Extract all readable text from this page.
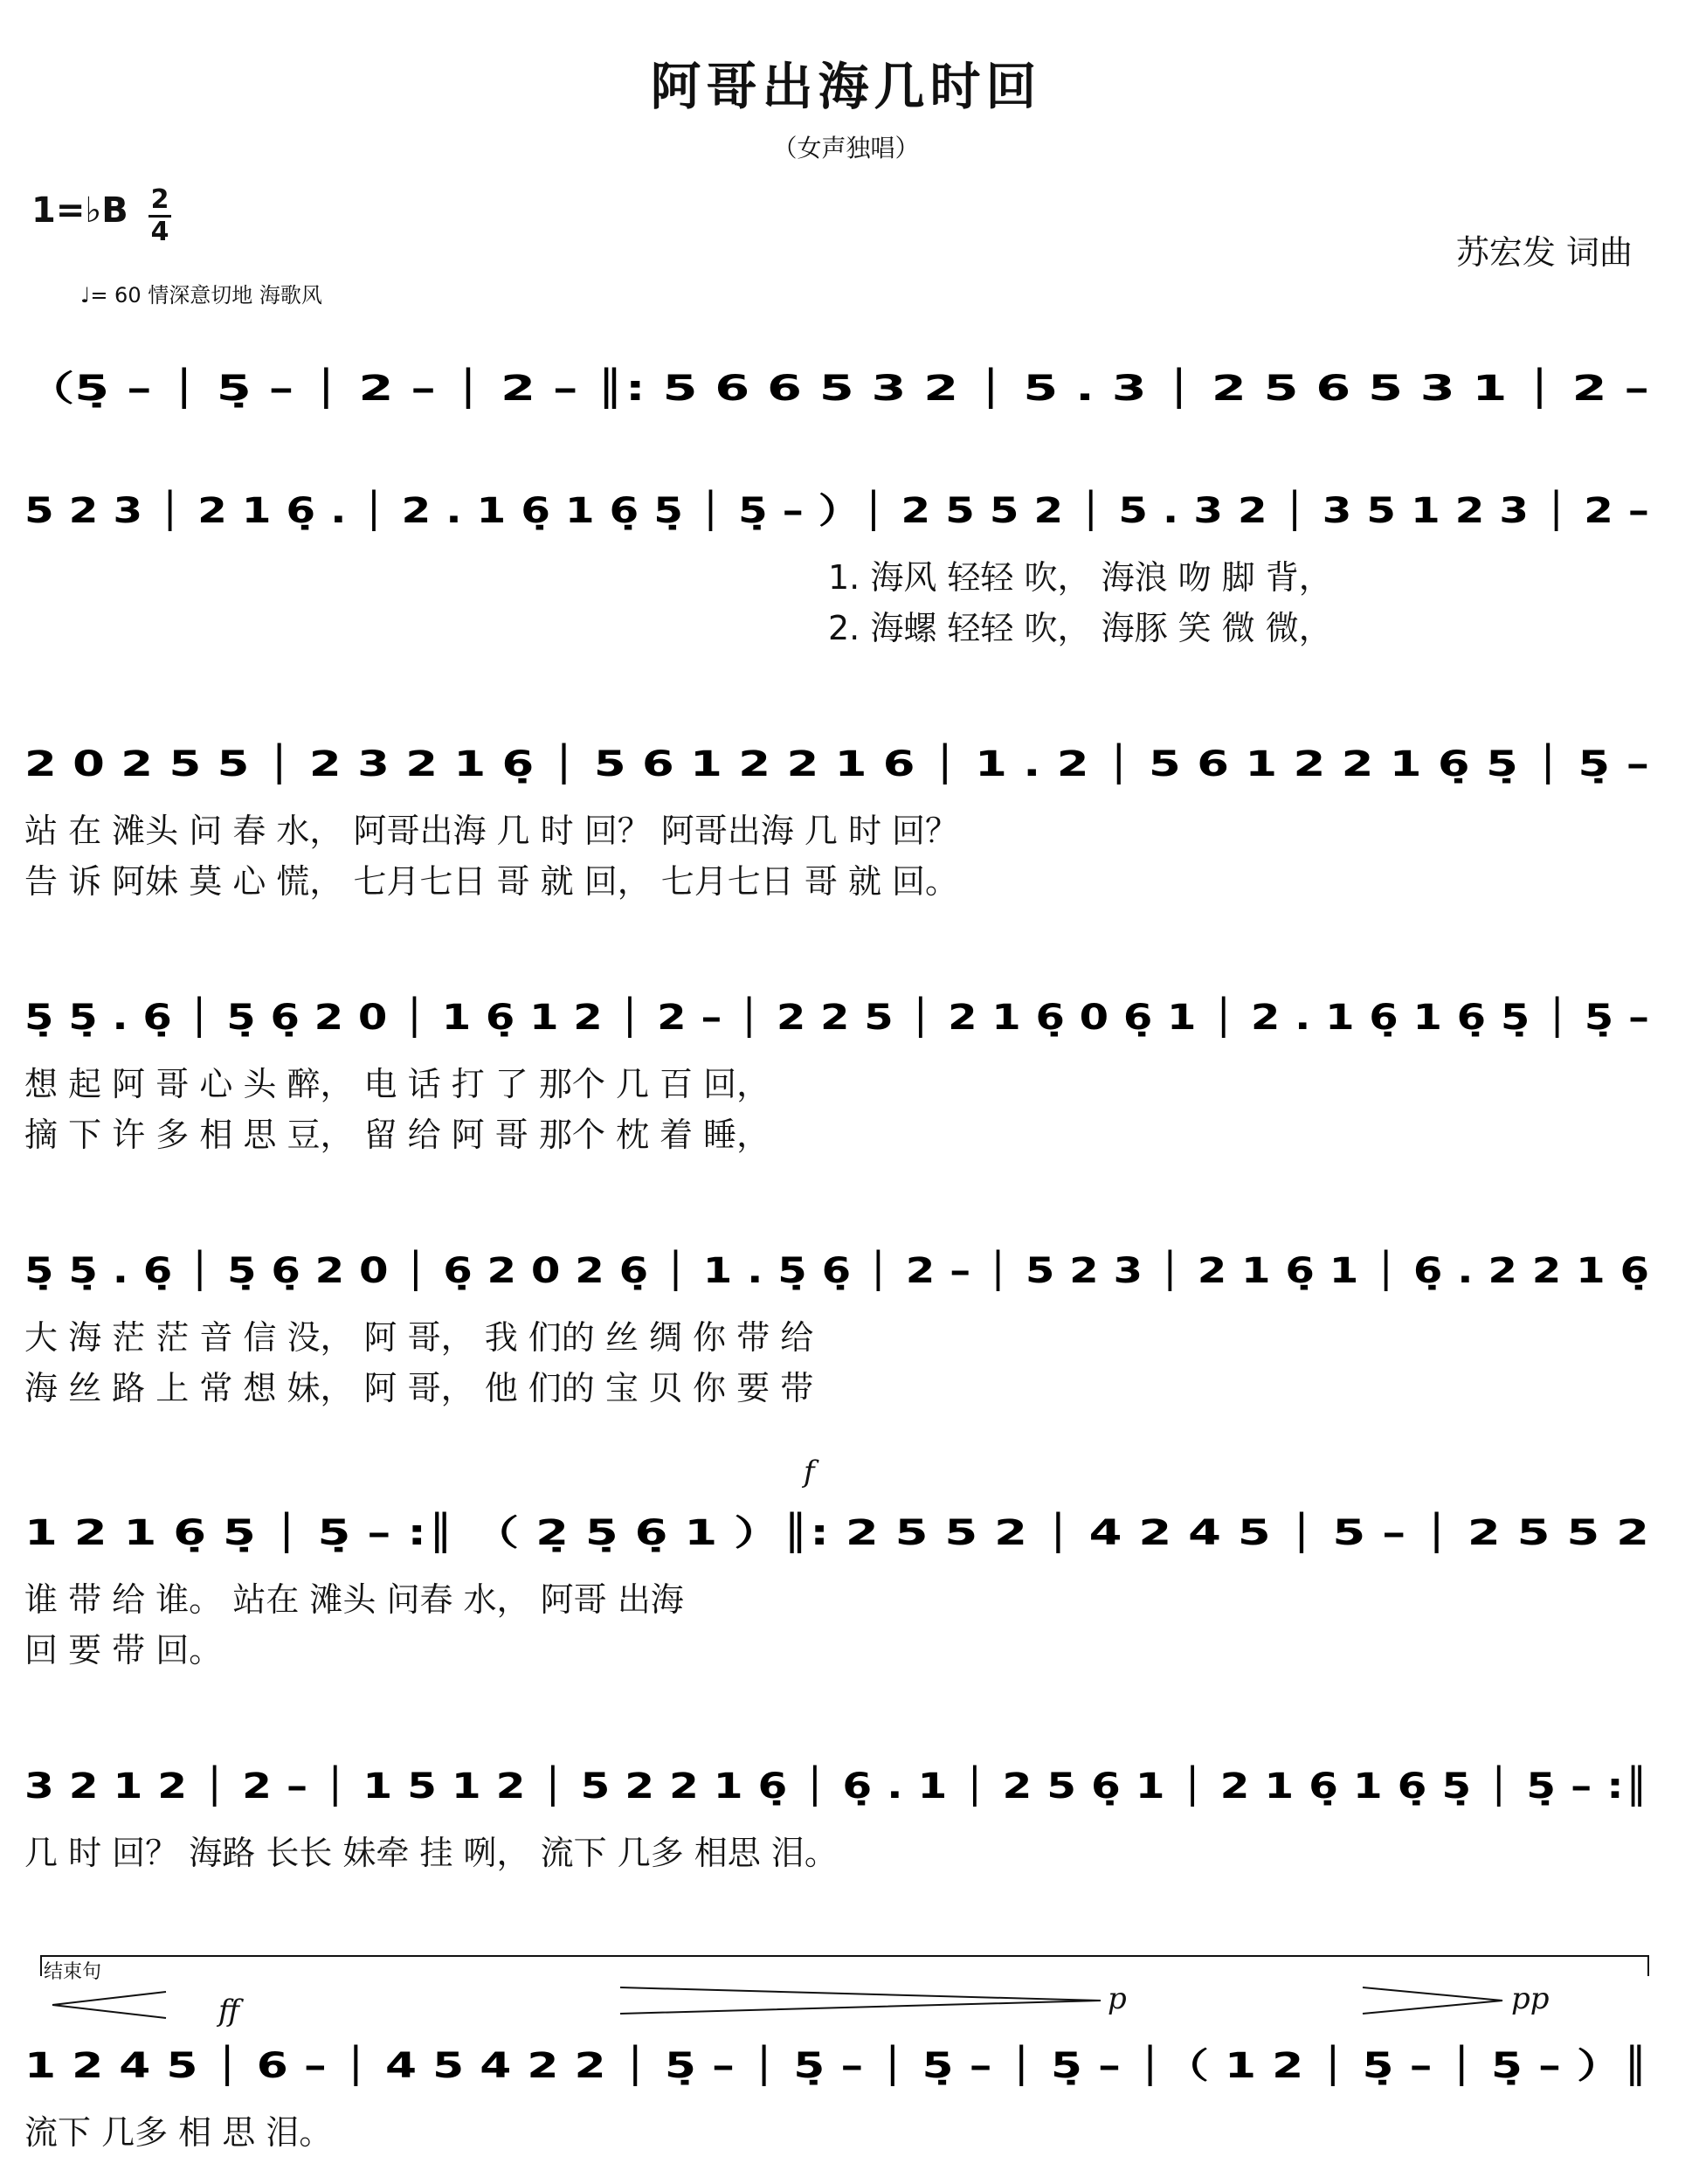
阿哥出海几时回
（女声独唱）
1=♭B 2
4
苏宏发 词曲
♩= 60 情深意切地 海歌风
（5̣ – │ 5̣ – │ 2 – │ 2 – ║: 5 6 6 5 3 2 │ 5 . 3 │ 2 5 6 5 3 1 │ 2 –
5 2 3 │ 2 1 6̣ . │ 2 . 1 6̣ 1 6̣ 5̣ │ 5̣ – ）│ 2 5 5 2 │ 5 . 3 2 │ 3 5 1 2 3 │ 2 –
1. 海风 轻轻 吹， 海浪 吻 脚 背，
2. 海螺 轻轻 吹， 海豚 笑 微 微，
2 0 2 5 5 │ 2 3 2 1 6̣ │ 5 6 1 2 2 1 6 │ 1 . 2 │ 5 6 1 2 2 1 6̣ 5̣ │ 5̣ –
站 在 滩头 问 春 水， 阿哥出海 几 时 回？ 阿哥出海 几 时 回？
告 诉 阿妹 莫 心 慌， 七月七日 哥 就 回， 七月七日 哥 就 回。
5̣ 5̣ . 6̣ │ 5̣ 6̣ 2 0 │ 1 6̣ 1 2 │ 2 – │ 2 2 5 │ 2 1 6̣ 0 6̣ 1 │ 2 . 1 6̣ 1 6̣ 5̣ │ 5̣ –
想 起 阿 哥 心 头 醉， 电 话 打 了 那个 几 百 回，
摘 下 许 多 相 思 豆， 留 给 阿 哥 那个 枕 着 睡，
5̣ 5̣ . 6̣ │ 5̣ 6̣ 2 0 │ 6̣ 2 0 2 6̣ │ 1 . 5̣ 6̣ │ 2 – │ 5 2 3 │ 2 1 6̣ 1 │ 6̣ . 2 2 1 6̣
大 海 茫 茫 音 信 没， 阿 哥， 我 们的 丝 绸 你 带 给
海 丝 路 上 常 想 妹， 阿 哥， 他 们的 宝 贝 你 要 带
f
1 2 1 6̣ 5̣ │ 5̣ – :║ （ 2̣ 5̣ 6̣ 1 ）║: 2 5 5 2 │ 4 2 4 5 │ 5 – │ 2 5 5 2
谁 带 给 谁。 站在 滩头 问春 水， 阿哥 出海
回 要 带 回。
3 2 1 2 │ 2 – │ 1 5 1 2 │ 5 2 2 1 6̣ │ 6̣ . 1 │ 2 5 6̣ 1 │ 2 1 6̣ 1 6̣ 5̣ │ 5̣ – :║
几 时 回？ 海路 长长 妹牵 挂 咧， 流下 几多 相思 泪。
结束句
ff	p	pp
1 2 4 5 │ 6 – │ 4 5 4 2 2 │ 5̣ – │ 5̣ – │ 5̣ – │ 5̣ – │（ 1 2 │ 5̣ – │ 5̣ – ）║
流下 几多 相 思 泪。
